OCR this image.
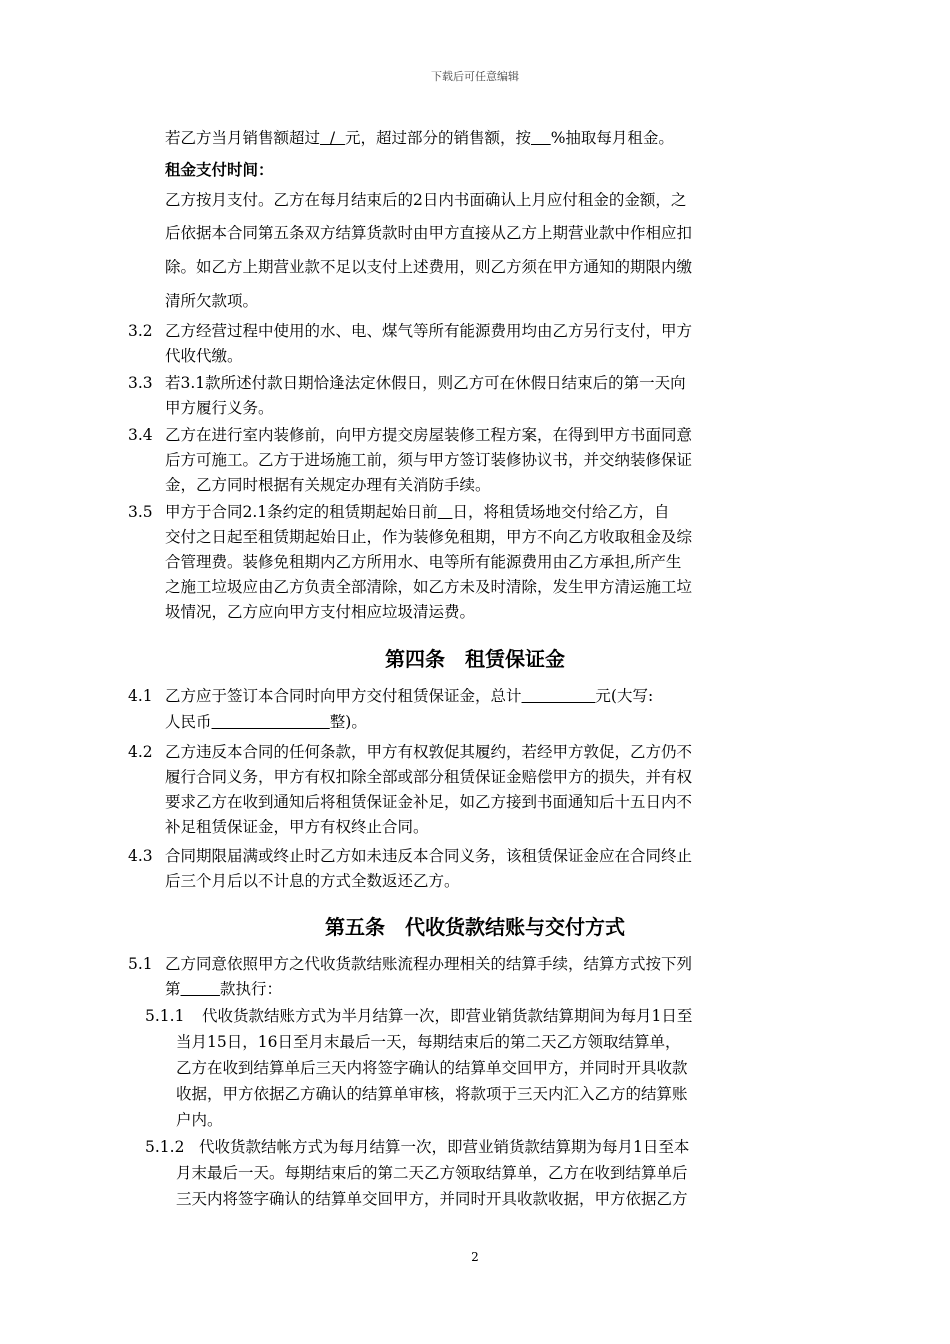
下载后可任意编辑
若乙方当月销售额超过  /  元，超过部分的销售额，按 %抽取每月租金。
租金支付时间：
乙方按月支付。乙方在每月结束后的2日内书面确认上月应付租金的金额，之
后依据本合同第五条双方结算货款时由甲方直接从乙方上期营业款中作相应扣
除。如乙方上期营业款不足以支付上述费用，则乙方须在甲方通知的期限内缴
清所欠款项。
3.2 乙方经营过程中使用的水、电、煤气等所有能源费用均由乙方另行支付，甲方
代收代缴。
3.3 若3.1款所述付款日期恰逢法定休假日，则乙方可在休假日结束后的第一天向
甲方履行义务。
3.4 乙方在进行室内装修前，向甲方提交房屋装修工程方案，在得到甲方书面同意
后方可施工。乙方于进场施工前，须与甲方签订装修协议书，并交纳装修保证
金，乙方同时根据有关规定办理有关消防手续。
3.5 甲方于合同2.1条约定的租赁期起始日前 日，将租赁场地交付给乙方，自
交付之日起至租赁期起始日止，作为装修免租期，甲方不向乙方收取租金及综
合管理费。装修免租期内乙方所用水、电等所有能源费用由乙方承担,所产生
之施工垃圾应由乙方负责全部清除，如乙方未及时清除，发生甲方清运施工垃
圾情况，乙方应向甲方支付相应垃圾清运费。
第四条　租赁保证金
4.1 乙方应于签订本合同时向甲方交付租赁保证金，总计	元(大写:
人民币	整)。
4.2 乙方违反本合同的任何条款，甲方有权敦促其履约，若经甲方敦促，乙方仍不
履行合同义务，甲方有权扣除全部或部分租赁保证金赔偿甲方的损失，并有权
要求乙方在收到通知后将租赁保证金补足，如乙方接到书面通知后十五日内不
补足租赁保证金，甲方有权终止合同。
4.3 合同期限届满或终止时乙方如未违反本合同义务，该租赁保证金应在合同终止
后三个月后以不计息的方式全数返还乙方。
第五条　代收货款结账与交付方式
5.1 乙方同意依照甲方之代收货款结账流程办理相关的结算手续，结算方式按下列
第	款执行：
5.1.1 代收货款结账方式为半月结算一次，即营业销货款结算期间为每月1日至
当月15日，16日至月末最后一天，每期结束后的第二天乙方领取结算单，
乙方在收到结算单后三天内将签字确认的结算单交回甲方，并同时开具收款
收据，甲方依据乙方确认的结算单审核，将款项于三天内汇入乙方的结算账
户内。
5.1.2 代收货款结帐方式为每月结算一次，即营业销货款结算期为每月1日至本
月末最后一天。每期结束后的第二天乙方领取结算单，乙方在收到结算单后
三天内将签字确认的结算单交回甲方，并同时开具收款收据，甲方依据乙方
2
